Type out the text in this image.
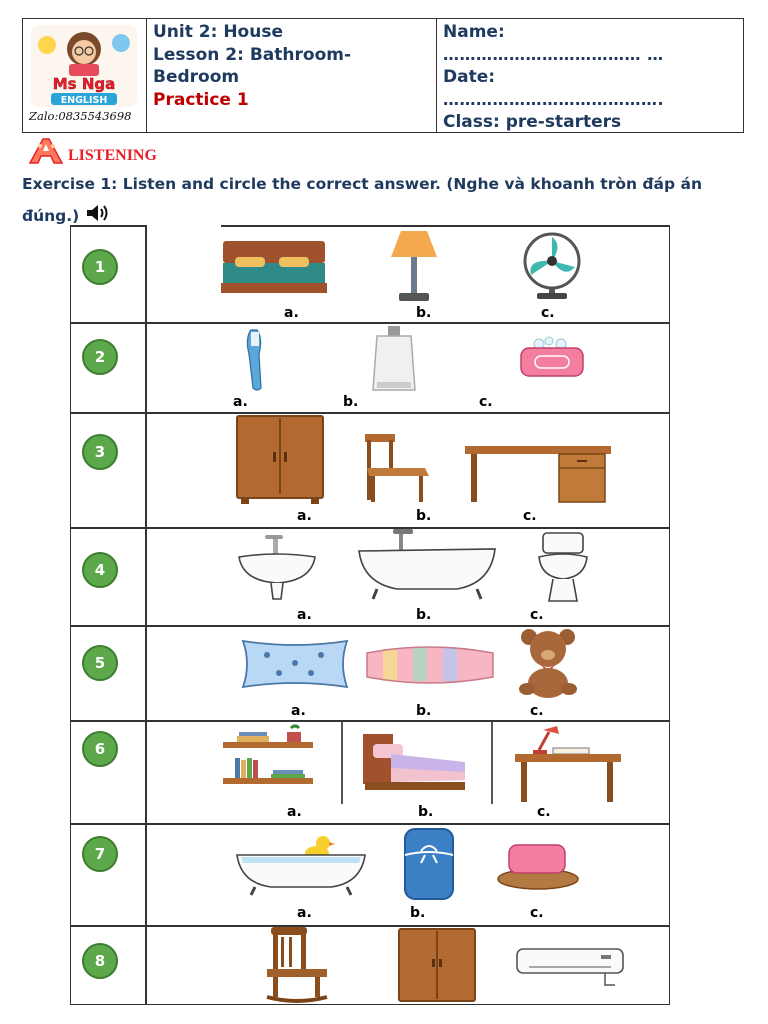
Ms Nga
ENGLISH
Zalo:0835543698
Unit 2: House
Lesson 2: Bathroom-
Bedroom
Practice 1
Name:
……………………………… …
Date:
………………………………….
Class: pre-starters
LISTENING
Exercise 1: Listen and circle the correct answer. (Nghe và khoanh tròn đáp án đúng.)
1
a.	b.	c.
2
a.	b.	c.
3
a.	b.	c.
4
a.	b.	c.
5
a.	b.	c.
6
a.	b.	c.
7
a.	b.	c.
8
